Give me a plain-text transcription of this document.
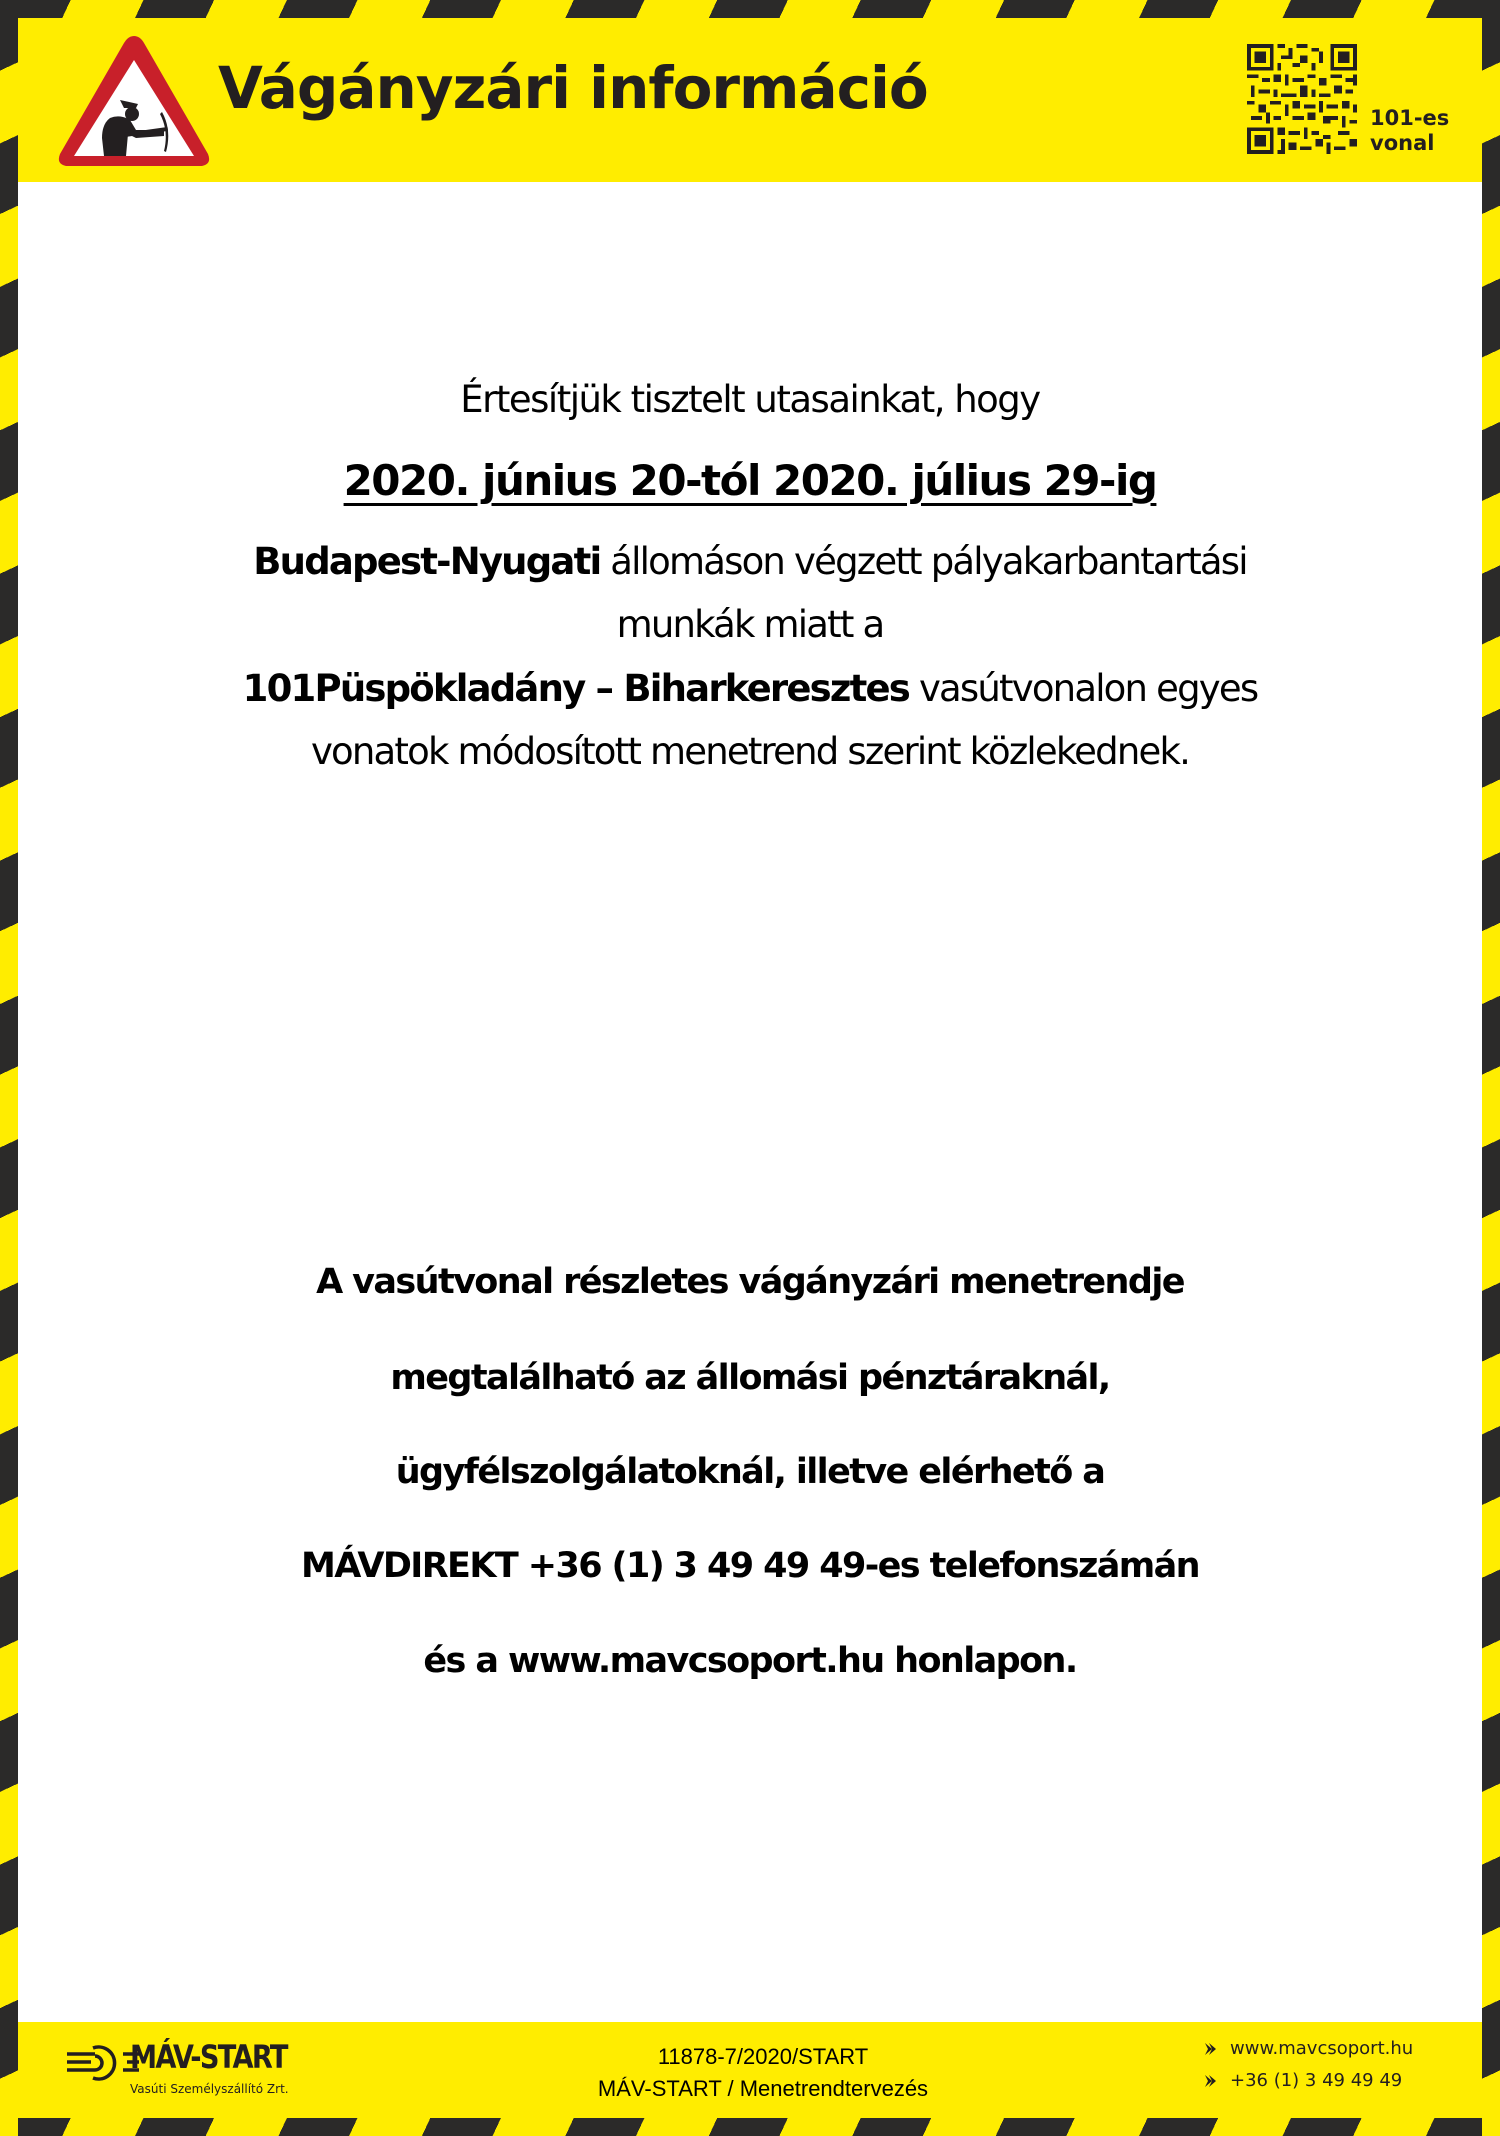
Vágányzári információ	101-es
vonal
Értesítjük tisztelt utasainkat, hogy
2020. június 20-tól 2020. július 29-ig
Budapest-Nyugati állomáson végzett pályakarbantartási
munkák miatt a
101Püspökladány – Biharkeresztes vasútvonalon egyes
vonatok módosított menetrend szerint közlekednek.
A vasútvonal részletes vágányzári menetrendje
megtalálható az állomási pénztáraknál,
ügyfélszolgálatoknál, illetve elérhető a
MÁVDIREKT +36 (1) 3 49 49 49-es telefonszámán
és a www.mavcsoport.hu honlapon.
MÁV-START
Vasúti Személyszállító Zrt.
11878-7/2020/START
MÁV-START / Menetrendtervezés
www.mavcsoport.hu
+36 (1) 3 49 49 49
